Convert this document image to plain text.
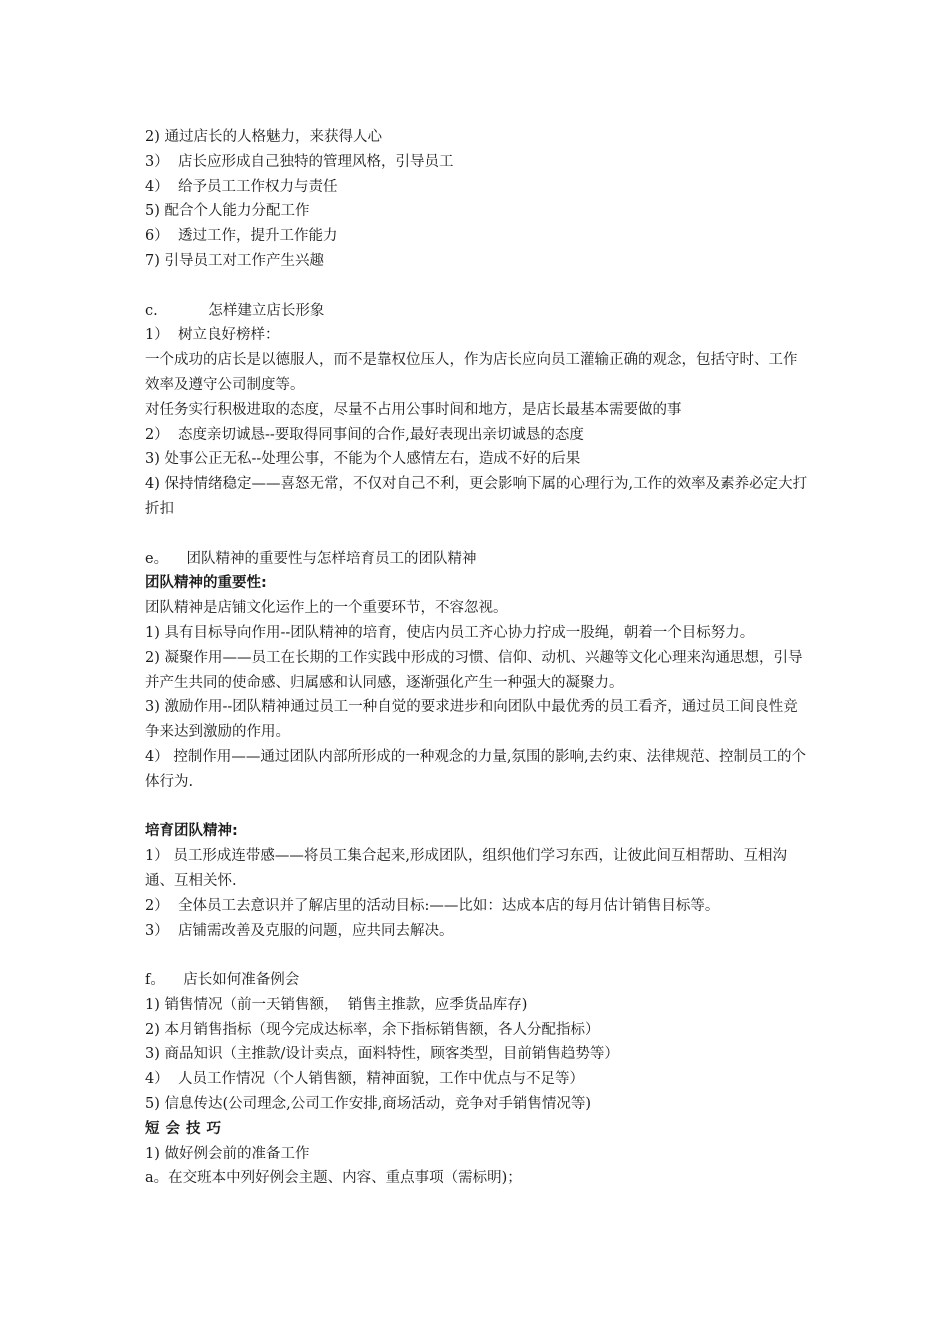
2) 通过店长的人格魅力，来获得人心
3）  店长应形成自己独特的管理风格，引导员工
4）  给予员工工作权力与责任
5) 配合个人能力分配工作
6）  透过工作，提升工作能力
7) 引导员工对工作产生兴趣
c.           怎样建立店长形象
1）  树立良好榜样：
一个成功的店长是以德服人，而不是靠权位压人，作为店长应向员工灌输正确的观念，包括守时、工作效率及遵守公司制度等。
对任务实行积极进取的态度，尽量不占用公事时间和地方，是店长最基本需要做的事
2）  态度亲切诚恳--要取得同事间的合作,最好表现出亲切诚恳的态度
3) 处事公正无私--处理公事，不能为个人感情左右，造成不好的后果
4) 保持情绪稳定——喜怒无常，不仅对自己不利，更会影响下属的心理行为,工作的效率及素养必定大打折扣
e。    团队精神的重要性与怎样培育员工的团队精神
团队精神的重要性:
团队精神是店铺文化运作上的一个重要环节，不容忽视。
1) 具有目标导向作用--团队精神的培育，使店内员工齐心协力拧成一股绳，朝着一个目标努力。
2) 凝聚作用——员工在长期的工作实践中形成的习惯、信仰、动机、兴趣等文化心理来沟通思想，引导并产生共同的使命感、归属感和认同感，逐渐强化产生一种强大的凝聚力。
3) 激励作用--团队精神通过员工一种自觉的要求进步和向团队中最优秀的员工看齐，通过员工间良性竞争来达到激励的作用。
4） 控制作用——通过团队内部所形成的一种观念的力量,氛围的影响,去约束、法律规范、控制员工的个体行为.
培育团队精神:
1） 员工形成连带感——将员工集合起来,形成团队，组织他们学习东西，让彼此间互相帮助、互相沟通、互相关怀.
2）  全体员工去意识并了解店里的活动目标:——比如：达成本店的每月估计销售目标等。
3）  店铺需改善及克服的问题，应共同去解决。
f。    店长如何准备例会
1) 销售情况（前一天销售额，  销售主推款，应季货品库存)
2) 本月销售指标（现今完成达标率，余下指标销售额，各人分配指标）
3) 商品知识（主推款/设计卖点，面料特性，顾客类型，目前销售趋势等）
4）  人员工作情况（个人销售额，精神面貌，工作中优点与不足等）
5) 信息传达(公司理念,公司工作安排,商场活动，竞争对手销售情况等)
短会技巧
1) 做好例会前的准备工作
a。在交班本中列好例会主题、内容、重点事项（需标明)；
